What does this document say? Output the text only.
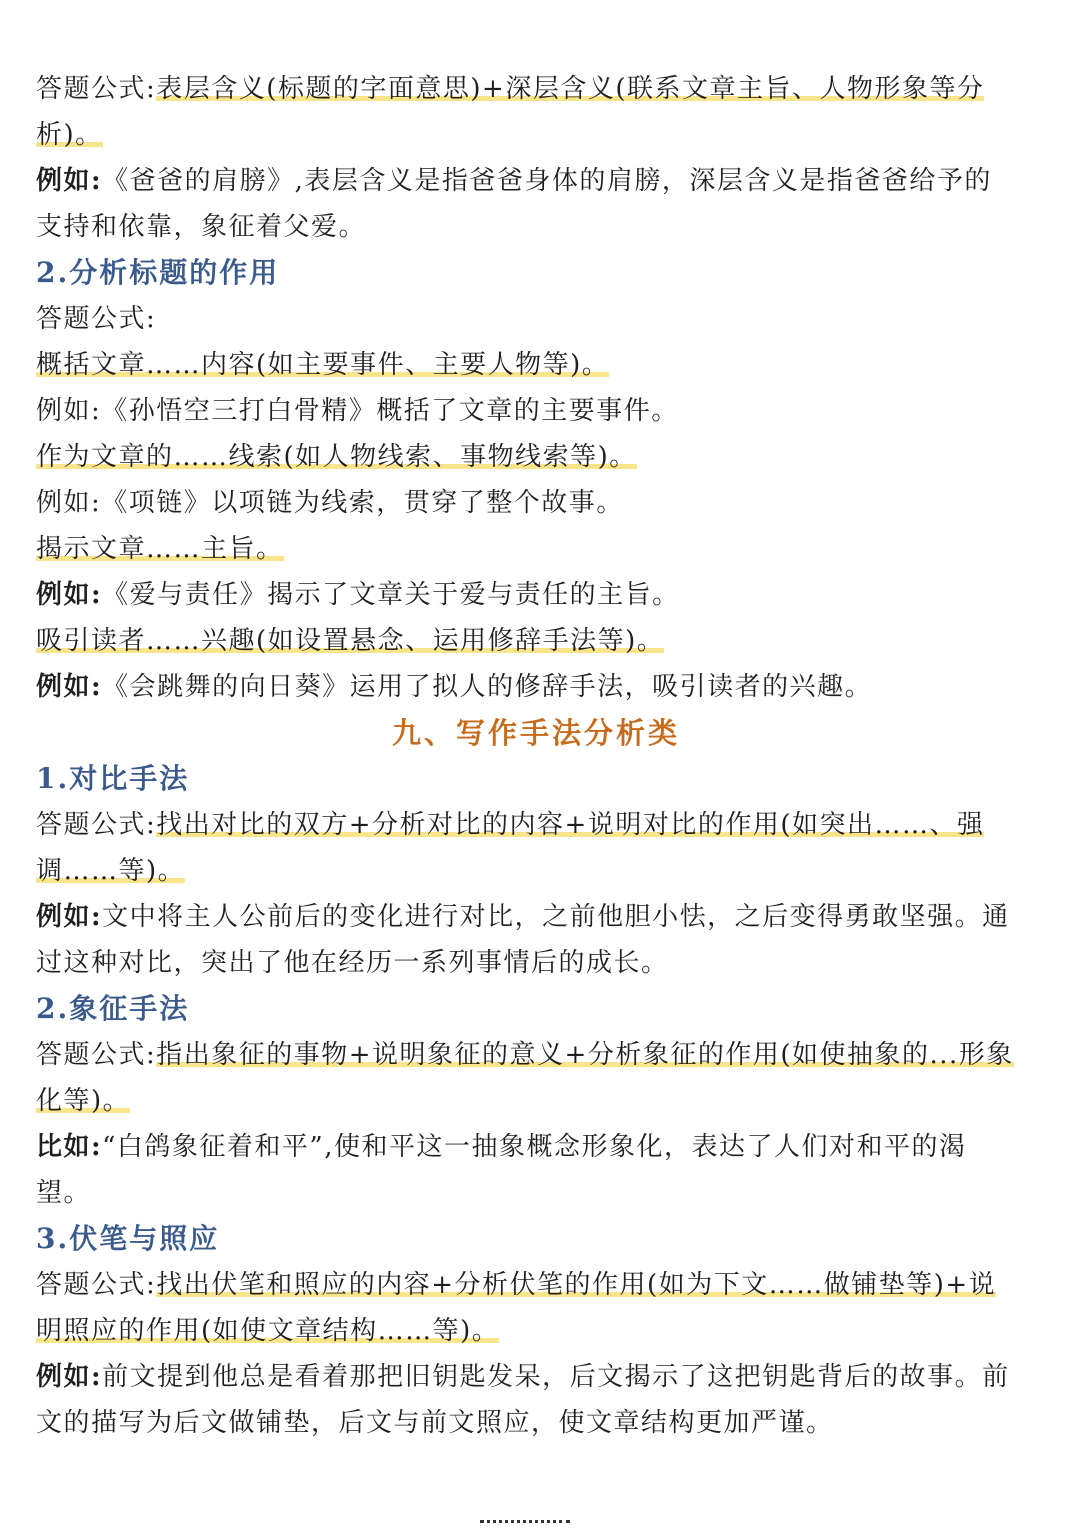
答题公式:表层含义(标题的字面意思)+深层含义(联系文章主旨、人物形象等分
析)。
例如:《爸爸的肩膀》,表层含义是指爸爸身体的肩膀，深层含义是指爸爸给予的
支持和依靠，象征着父爱。
2.分析标题的作用
答题公式:
概括文章……内容(如主要事件、主要人物等)。
例如:《孙悟空三打白骨精》概括了文章的主要事件。
作为文章的……线索(如人物线索、事物线索等)。
例如:《项链》以项链为线索，贯穿了整个故事。
揭示文章……主旨。
例如:《爱与责任》揭示了文章关于爱与责任的主旨。
吸引读者……兴趣(如设置悬念、运用修辞手法等)。
例如:《会跳舞的向日葵》运用了拟人的修辞手法，吸引读者的兴趣。
九、写作手法分析类
1.对比手法
答题公式:找出对比的双方+分析对比的内容+说明对比的作用(如突出……、强
调……等)。
例如:文中将主人公前后的变化进行对比，之前他胆小怯，之后变得勇敢坚强。通
过这种对比，突出了他在经历一系列事情后的成长。
2.象征手法
答题公式:指出象征的事物+说明象征的意义+分析象征的作用(如使抽象的...形象
化等)。
比如:“白鸽象征着和平”,使和平这一抽象概念形象化，表达了人们对和平的渴
望。
3.伏笔与照应
答题公式:找出伏笔和照应的内容+分析伏笔的作用(如为下文……做铺垫等)+说
明照应的作用(如使文章结构……等)。
例如:前文提到他总是看着那把旧钥匙发呆，后文揭示了这把钥匙背后的故事。前
文的描写为后文做铺垫，后文与前文照应，使文章结构更加严谨。
